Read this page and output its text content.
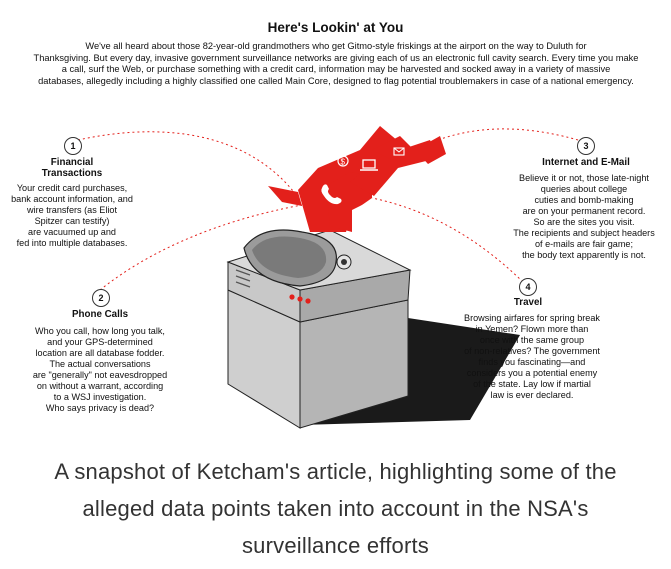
$
Here's Lookin' at You
We've all heard about those 82-year-old grandmothers who get Gitmo-style friskings at the airport on the way to Duluth for
Thanksgiving. But every day, invasive government surveillance networks are giving each of us an electronic full cavity search. Every time you make
a call, surf the Web, or purchase something with a credit card, information may be harvested and socked away in a variety of massive
databases, allegedly including a highly classified one called Main Core, designed to flag potential troublemakers in case of a national emergency.
1
Financial
Transactions
Your credit card purchases,
bank account information, and
wire transfers (as Eliot
Spitzer can testify)
are vacuumed up and
fed into multiple databases.
2
Phone Calls
Who you call, how long you talk,
and your GPS-determined
location are all database fodder.
The actual conversations
are "generally" not eavesdropped
on without a warrant, according
to a WSJ investigation.
Who says privacy is dead?
3
Internet and E-Mail
Believe it or not, those late-night
queries about college
cuties and bomb-making
are on your permanent record.
So are the sites you visit.
The recipients and subject headers
of e-mails are fair game;
the body text apparently is not.
4
Travel
Browsing airfares for spring break
in Yemen? Flown more than
once with the same group
of non-relatives? The government
finds you fascinating—and
considers you a potential enemy
of the state. Lay low if martial
law is ever declared.
A snapshot of Ketcham's article, highlighting some of the
alleged data points taken into account in the NSA's
surveillance efforts
